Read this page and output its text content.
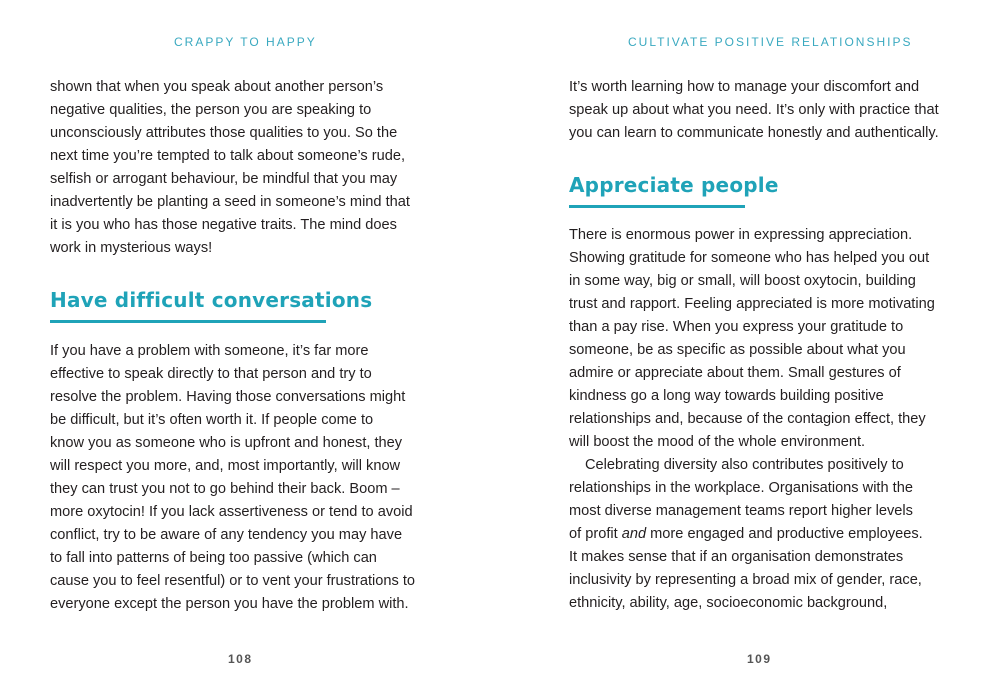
CRAPPY TO HAPPY
shown that when you speak about another person’s
negative qualities, the person you are speaking to
unconsciously attributes those qualities to you. So the
next time you’re tempted to talk about someone’s rude,
selfish or arrogant behaviour, be mindful that you may
inadvertently be planting a seed in someone’s mind that
it is you who has those negative traits. The mind does
work in mysterious ways!
Have difficult conversations
If you have a problem with someone, it’s far more
effective to speak directly to that person and try to
resolve the problem. Having those conversations might
be difficult, but it’s often worth it. If people come to
know you as someone who is upfront and honest, they
will respect you more, and, most importantly, will know
they can trust you not to go behind their back. Boom –
more oxytocin! If you lack assertiveness or tend to avoid
conflict, try to be aware of any tendency you may have
to fall into patterns of being too passive (which can
cause you to feel resentful) or to vent your frustrations to
everyone except the person you have the problem with.
108
CULTIVATE POSITIVE RELATIONSHIPS
It’s worth learning how to manage your discomfort and
speak up about what you need. It’s only with practice that
you can learn to communicate honestly and authentically.
Appreciate people
There is enormous power in expressing appreciation.
Showing gratitude for someone who has helped you out
in some way, big or small, will boost oxytocin, building
trust and rapport. Feeling appreciated is more motivating
than a pay rise. When you express your gratitude to
someone, be as specific as possible about what you
admire or appreciate about them. Small gestures of
kindness go a long way towards building positive
relationships and, because of the contagion effect, they
will boost the mood of the whole environment.
Celebrating diversity also contributes positively to
relationships in the workplace. Organisations with the
most diverse management teams report higher levels
of profit and more engaged and productive employees.
It makes sense that if an organisation demonstrates
inclusivity by representing a broad mix of gender, race,
ethnicity, ability, age, socioeconomic background,
109
